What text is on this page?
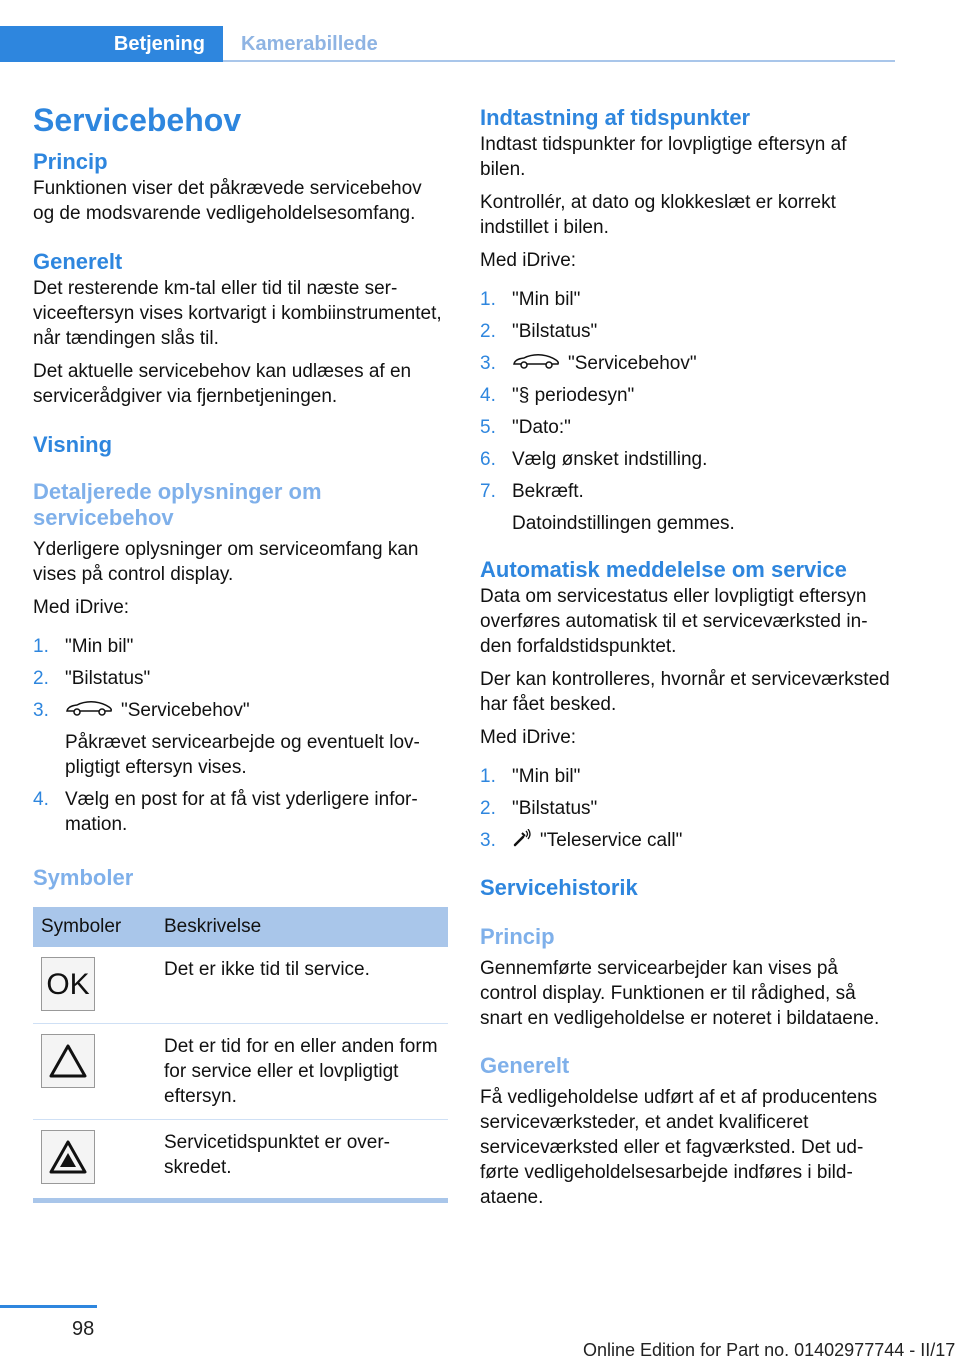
Betjening	Kamerabillede
Servicebehov
Princip

Funktionen viser det påkrævede servicebehov og de modsvarende vedligeholdelsesomfang.

Generelt

Det resterende km-tal eller tid til næste serviceeftersyn vises kortvarigt i kombiinstrumentet, når tændingen slås til.

Det aktuelle servicebehov kan udlæses af en servicerådgiver via fjernbetjeningen.

Visning
Detaljerede oplysninger om servicebehov

Yderligere oplysninger om serviceomfang kan vises på control display.

Med iDrive:

1. "Min bil"
2. "Bilstatus"
3.	"Servicebehov"
Påkrævet servicearbejde og eventuelt lovpligtigt eftersyn vises.
4. Vælg en post for at få vist yderligere information.
Symboler
Symboler	Beskrivelse

OK	Det er ikke tid til service.

	Det er tid for en eller anden form for service eller et lovpligtigt eftersyn.

	Servicetidspunktet er overskredet.
Indtastning af tidspunkter

Indtast tidspunkter for lovpligtige eftersyn af bilen.

Kontrollér, at dato og klokkeslæt er korrekt indstillet i bilen.

Med iDrive:

1. "Min bil"
2. "Bilstatus"
3.	"Servicebehov"
4. "§ periodesyn"
5. "Dato:"
6. Vælg ønsket indstilling.
7. Bekræft.
Datoindstillingen gemmes.
Automatisk meddelelse om service

Data om servicestatus eller lovpligtigt eftersyn overføres automatisk til et serviceværksted inden forfaldstidspunktet.

Der kan kontrolleres, hvornår et serviceværksted har fået besked.

Med iDrive:

1. "Min bil"
2. "Bilstatus"
3. "Teleservice call"
Servicehistorik
Princip

Gennemførte servicearbejder kan vises på control display. Funktionen er til rådighed, så snart en vedligeholdelse er noteret i bildataene.

Generelt

Få vedligeholdelse udført af et af producentens serviceværksteder, et andet kvalificeret serviceværksted eller et fagværksted. Det udførte vedligeholdelsesarbejde indføres i bildataene.

98
Online Edition for Part no. 01402977744 - II/17
